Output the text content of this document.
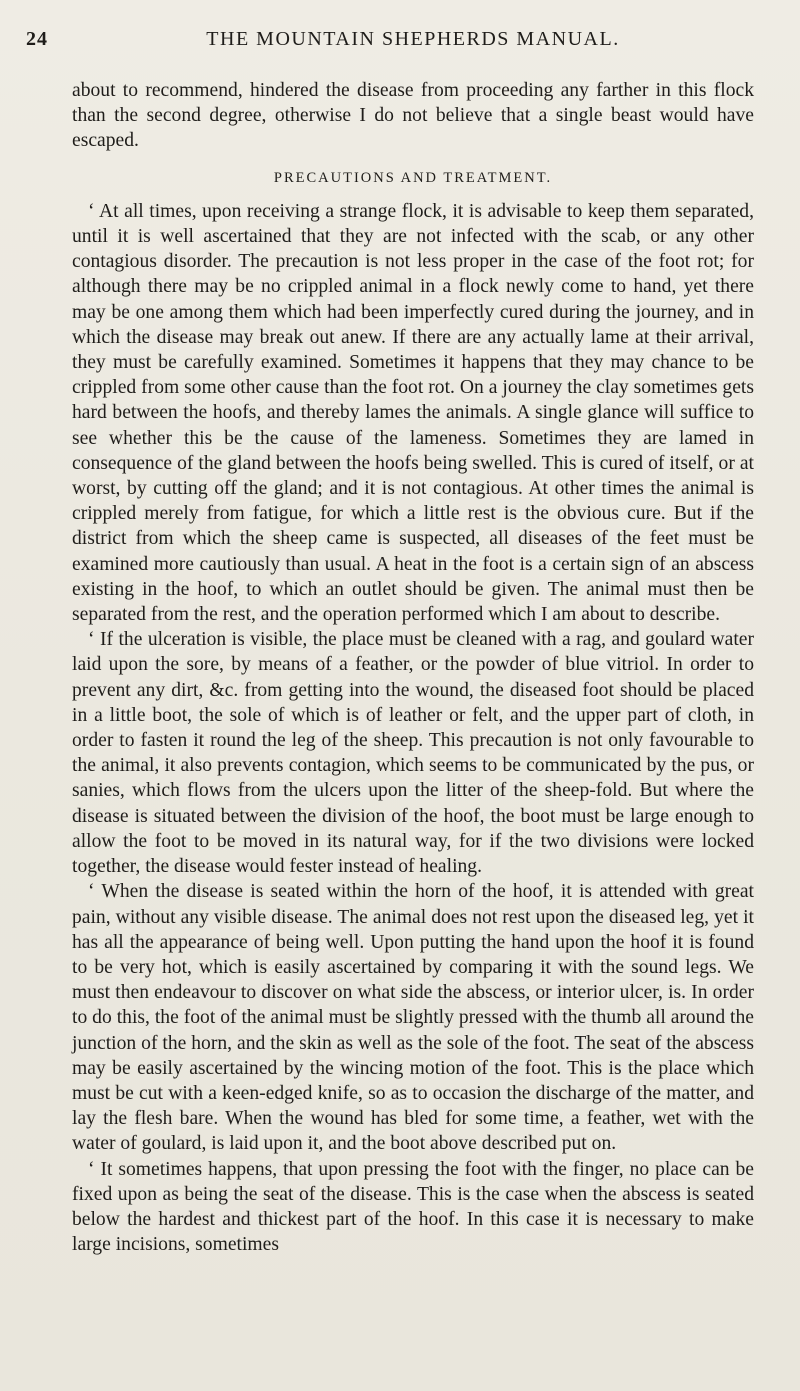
24	THE MOUNTAIN SHEPHERDS MANUAL.

about to recommend, hindered the disease from proceeding any farther in this flock than the second degree, otherwise I do not believe that a single beast would have escaped.

PRECAUTIONS AND TREATMENT.

‘ At all times, upon receiving a strange flock, it is advisable to keep them separated, until it is well ascertained that they are not infected with the scab, or any other contagious disorder. The precaution is not less proper in the case of the foot rot; for although there may be no crippled animal in a flock newly come to hand, yet there may be one among them which had been imperfectly cured during the journey, and in which the disease may break out anew. If there are any actually lame at their arrival, they must be carefully examined. Sometimes it happens that they may chance to be crippled from some other cause than the foot rot. On a journey the clay sometimes gets hard between the hoofs, and thereby lames the animals. A single glance will suffice to see whether this be the cause of the lameness. Sometimes they are lamed in consequence of the gland between the hoofs being swelled. This is cured of itself, or at worst, by cutting off the gland; and it is not contagious. At other times the animal is crippled merely from fatigue, for which a little rest is the obvious cure. But if the district from which the sheep came is suspected, all diseases of the feet must be examined more cautiously than usual. A heat in the foot is a certain sign of an abscess existing in the hoof, to which an outlet should be given. The animal must then be separated from the rest, and the operation performed which I am about to describe.

‘ If the ulceration is visible, the place must be cleaned with a rag, and goulard water laid upon the sore, by means of a feather, or the powder of blue vitriol. In order to prevent any dirt, &c. from getting into the wound, the diseased foot should be placed in a little boot, the sole of which is of leather or felt, and the upper part of cloth, in order to fasten it round the leg of the sheep. This precaution is not only favourable to the animal, it also prevents contagion, which seems to be communicated by the pus, or sanies, which flows from the ulcers upon the litter of the sheep-fold. But where the disease is situated between the division of the hoof, the boot must be large enough to allow the foot to be moved in its natural way, for if the two divisions were locked together, the disease would fester instead of healing.

‘ When the disease is seated within the horn of the hoof, it is attended with great pain, without any visible disease. The animal does not rest upon the diseased leg, yet it has all the appearance of being well. Upon putting the hand upon the hoof it is found to be very hot, which is easily ascertained by comparing it with the sound legs. We must then endeavour to discover on what side the abscess, or interior ulcer, is. In order to do this, the foot of the animal must be slightly pressed with the thumb all around the junction of the horn, and the skin as well as the sole of the foot. The seat of the abscess may be easily ascertained by the wincing motion of the foot. This is the place which must be cut with a keen-edged knife, so as to occasion the discharge of the matter, and lay the flesh bare. When the wound has bled for some time, a feather, wet with the water of goulard, is laid upon it, and the boot above described put on.

‘ It sometimes happens, that upon pressing the foot with the finger, no place can be fixed upon as being the seat of the disease. This is the case when the abscess is seated below the hardest and thickest part of the hoof. In this case it is necessary to make large incisions, sometimes
